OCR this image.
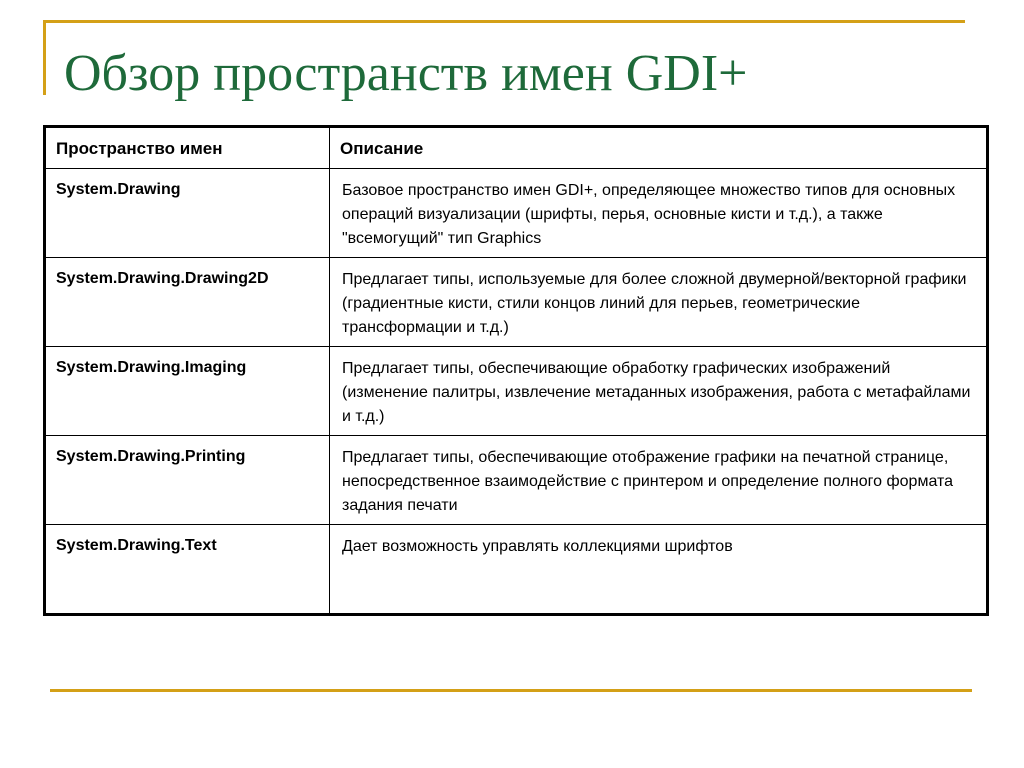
Обзор пространств имен GDI+
Пространство имен	Описание

System.Drawing	Базовое пространство имен GDI+, определяющее множество типов для основных операций визуализации (шрифты, перья, основные кисти и т.д.), а также "всемогущий" тип Graphics

System.Drawing.Drawing2D	Предлагает типы, используемые для более сложной двумерной/векторной графики (градиентные кисти, стили концов линий для перьев, геометрические трансформации и т.д.)

System.Drawing.Imaging	Предлагает типы, обеспечивающие обработку графических изображений (изменение палитры, извлечение метаданных изображения, работа с метафайлами и т.д.)

System.Drawing.Printing	Предлагает типы, обеспечивающие отображение графики на печатной странице, непосредственное взаимодействие с принтером и определение полного формата задания печати

System.Drawing.Text	Дает возможность управлять коллекциями шрифтов
